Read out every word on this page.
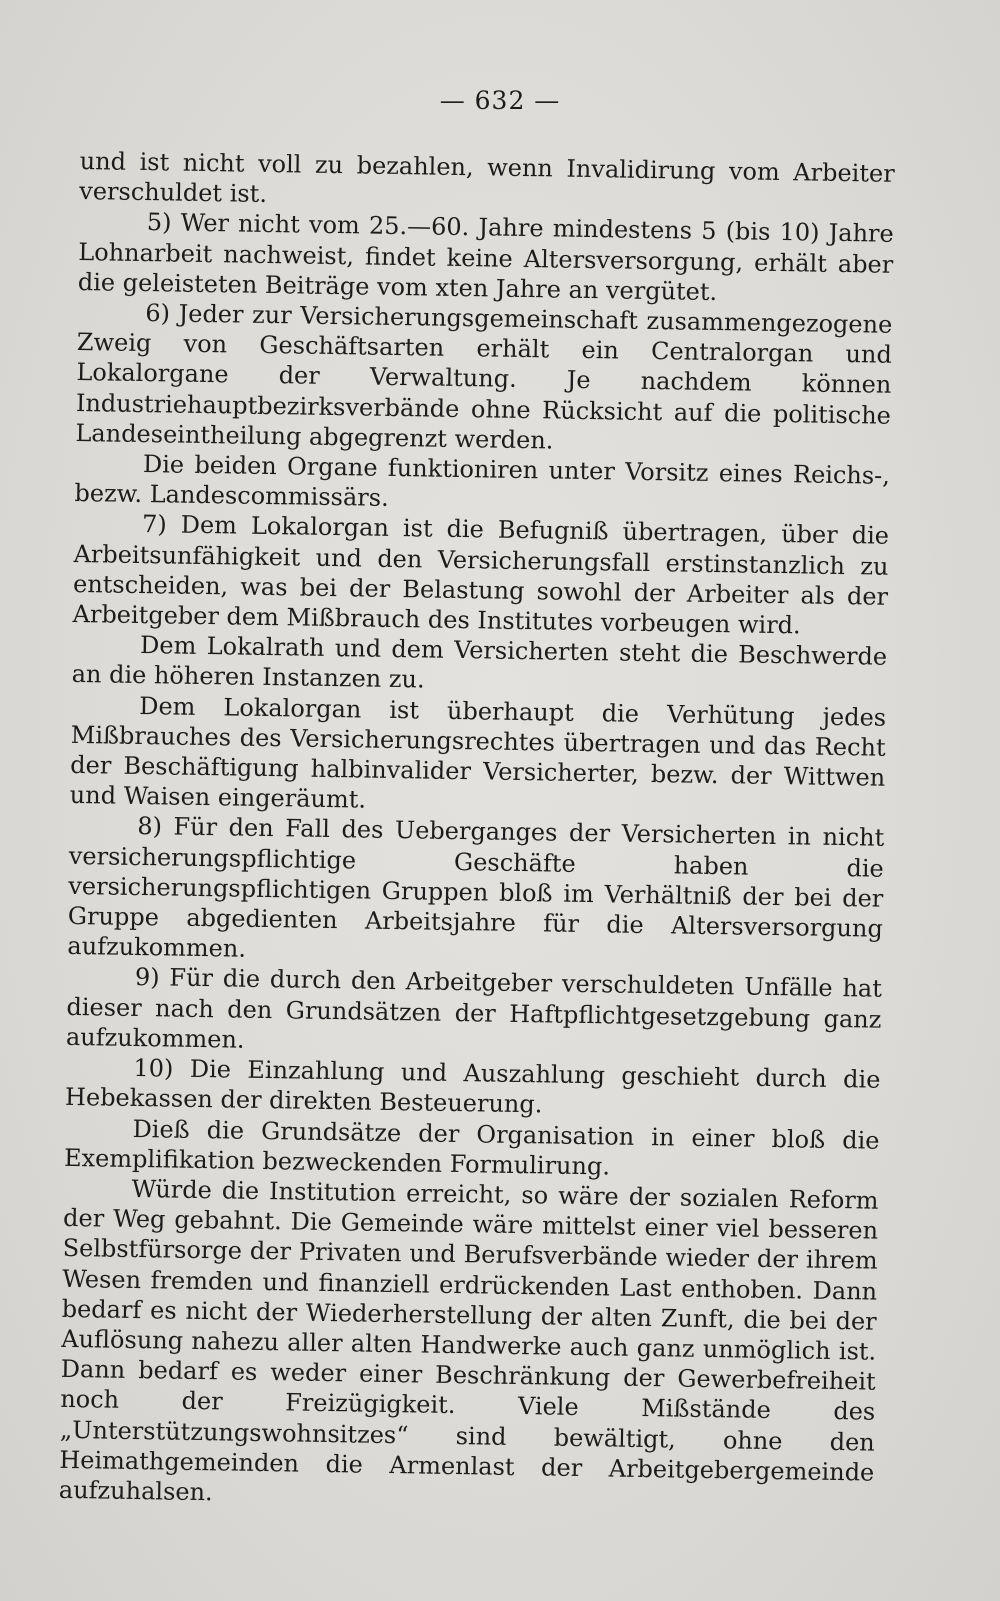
— 632 —

und ist nicht voll zu bezahlen, wenn Invalidirung vom Arbeiter verschuldet ist.

5) Wer nicht vom 25.—60. Jahre mindestens 5 (bis 10) Jahre Lohnarbeit nachweist, findet keine Altersversorgung, erhält aber die geleisteten Beiträge vom xten Jahre an vergütet.

6) Jeder zur Versicherungsgemeinschaft zusammengezogene Zweig von Geschäftsarten erhält ein Centralorgan und Lokalorgane der Verwaltung. Je nachdem können Industriehauptbezirksverbände ohne Rücksicht auf die politische Landeseintheilung abgegrenzt werden.

Die beiden Organe funktioniren unter Vorsitz eines Reichs-, bezw. Landescommissärs.

7) Dem Lokalorgan ist die Befugniß übertragen, über die Arbeitsunfähigkeit und den Versicherungsfall erstinstanzlich zu entscheiden, was bei der Belastung sowohl der Arbeiter als der Arbeitgeber dem Mißbrauch des Institutes vorbeugen wird.

Dem Lokalrath und dem Versicherten steht die Beschwerde an die höheren Instanzen zu.

Dem Lokalorgan ist überhaupt die Verhütung jedes Mißbrauches des Versicherungsrechtes übertragen und das Recht der Beschäftigung halbinvalider Versicherter, bezw. der Wittwen und Waisen eingeräumt.

8) Für den Fall des Ueberganges der Versicherten in nicht versicherungspflichtige Geschäfte haben die versicherungspflichtigen Gruppen bloß im Verhältniß der bei der Gruppe abgedienten Arbeitsjahre für die Altersversorgung aufzukommen.

9) Für die durch den Arbeitgeber verschuldeten Unfälle hat dieser nach den Grundsätzen der Haftpflichtgesetzgebung ganz aufzukommen.

10) Die Einzahlung und Auszahlung geschieht durch die Hebekassen der direkten Besteuerung.

Dieß die Grundsätze der Organisation in einer bloß die Exemplifikation bezweckenden Formulirung.

Würde die Institution erreicht, so wäre der sozialen Reform der Weg gebahnt. Die Gemeinde wäre mittelst einer viel besseren Selbstfürsorge der Privaten und Berufsverbände wieder der ihrem Wesen fremden und finanziell erdrückenden Last enthoben. Dann bedarf es nicht der Wiederherstellung der alten Zunft, die bei der Auflösung nahezu aller alten Handwerke auch ganz unmöglich ist. Dann bedarf es weder einer Beschränkung der Gewerbefreiheit noch der Freizügigkeit. Viele Mißstände des „Unterstützungswohnsitzes“ sind bewältigt, ohne den Heimathgemeinden die Armenlast der Arbeitgebergemeinde aufzuhalsen.
